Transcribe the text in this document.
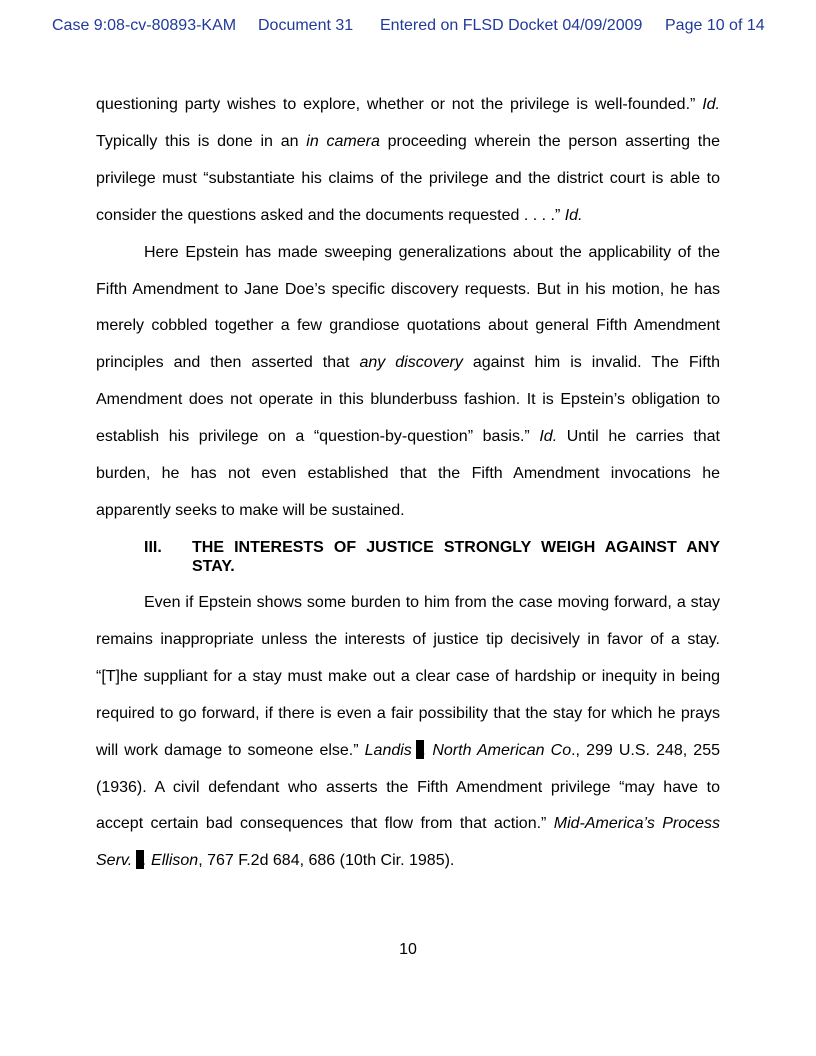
Case 9:08-cv-80893-KAM Document 31 Entered on FLSD Docket 04/09/2009 Page 10 of 14

questioning party wishes to explore, whether or not the privilege is well-founded.” Id. Typically this is done in an in camera proceeding wherein the person asserting the privilege must “substantiate his claims of the privilege and the district court is able to consider the questions asked and the documents requested . . . .” Id.

Here Epstein has made sweeping generalizations about the applicability of the Fifth Amendment to Jane Doe’s specific discovery requests. But in his motion, he has merely cobbled together a few grandiose quotations about general Fifth Amendment principles and then asserted that any discovery against him is invalid. The Fifth Amendment does not operate in this blunderbuss fashion. It is Epstein’s obligation to establish his privilege on a “question-by-question” basis.” Id. Until he carries that burden, he has not even established that the Fifth Amendment invocations he apparently seeks to make will be sustained.

III. THE INTERESTS OF JUSTICE STRONGLY WEIGH AGAINST ANY STAY.

Even if Epstein shows some burden to him from the case moving forward, a stay remains inappropriate unless the interests of justice tip decisively in favor of a stay. “[T]he suppliant for a stay must make out a clear case of hardship or inequity in being required to go forward, if there is even a fair possibility that the stay for which he prays will work damage to someone else.” Landis . North American Co., 299 U.S. 248, 255 (1936). A civil defendant who asserts the Fifth Amendment privilege “may have to accept certain bad consequences that flow from that action.” Mid-America’s Process Serv. . Ellison, 767 F.2d 684, 686 (10th Cir. 1985).

10
